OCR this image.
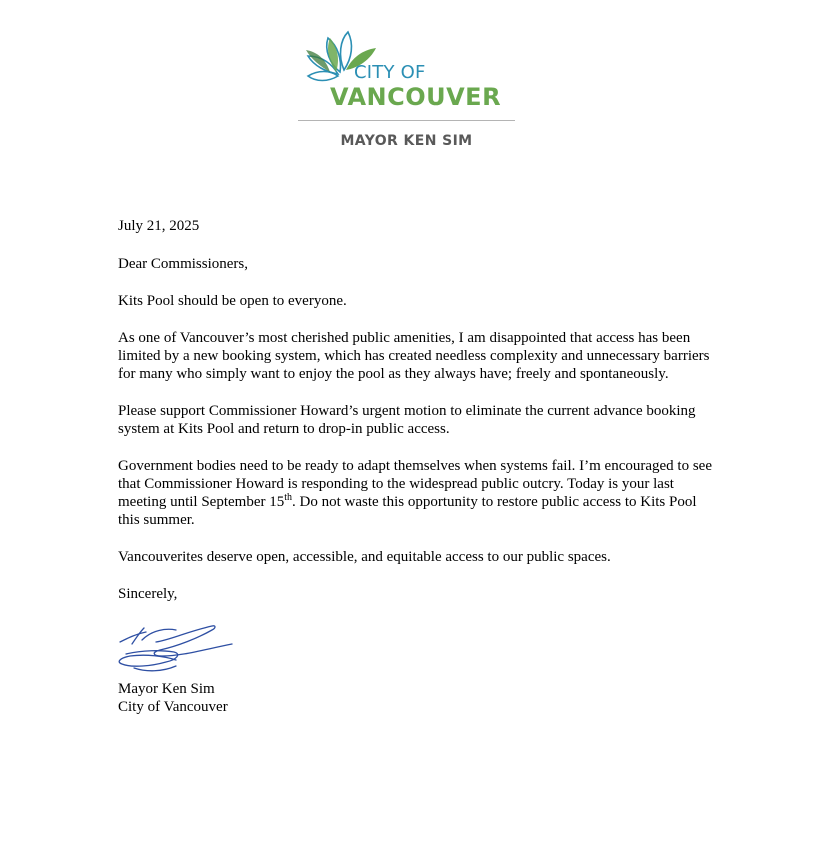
CITY OF
VANCOUVER
MAYOR KEN SIM

July 21, 2025

Dear Commissioners,

Kits Pool should be open to everyone.

As one of Vancouver’s most cherished public amenities, I am disappointed that access has been limited by a new booking system, which has created needless complexity and unnecessary barriers for many who simply want to enjoy the pool as they always have; freely and spontaneously.

Please support Commissioner Howard’s urgent motion to eliminate the current advance booking system at Kits Pool and return to drop-in public access.

Government bodies need to be ready to adapt themselves when systems fail. I’m encouraged to see that Commissioner Howard is responding to the widespread public outcry. Today is your last meeting until September 15th. Do not waste this opportunity to restore public access to Kits Pool this summer.

Vancouverites deserve open, accessible, and equitable access to our public spaces.

Sincerely,

Mayor Ken Sim
City of Vancouver
